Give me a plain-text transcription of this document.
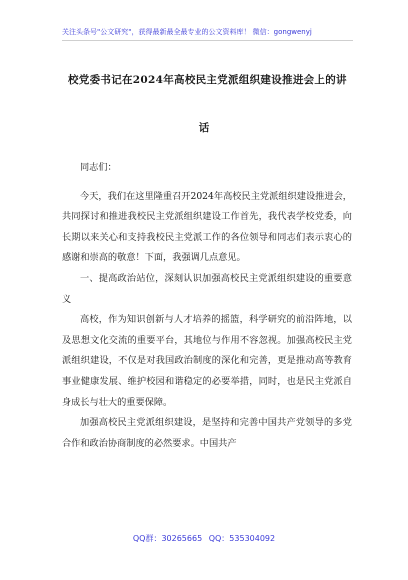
关注头条号"公文研究"，获得最新最全最专业的公文资料库！ 微信：gongwenyj
校党委书记在2024年高校民主党派组织建设推进会上的讲
话

同志们：

今天，我们在这里隆重召开2024年高校民主党派组织建设推进会，共同探讨和推进我校民主党派组织建设工作首先，我代表学校党委，向长期以来关心和支持我校民主党派工作的各位领导和同志们表示衷心的感谢和崇高的敬意！下面，我强调几点意见。

一、提高政治站位，深刻认识加强高校民主党派组织建设的重要意义

高校，作为知识创新与人才培养的摇篮，科学研究的前沿阵地，以及思想文化交流的重要平台，其地位与作用不容忽视。加强高校民主党派组织建设，不仅是对我国政治制度的深化和完善，更是推动高等教育事业健康发展、维护校园和谐稳定的必要举措，同时，也是民主党派自身成长与壮大的重要保障。

加强高校民主党派组织建设，是坚持和完善中国共产党领导的多党合作和政治协商制度的必然要求。中国共产

QQ群：30265665 QQ：535304092
